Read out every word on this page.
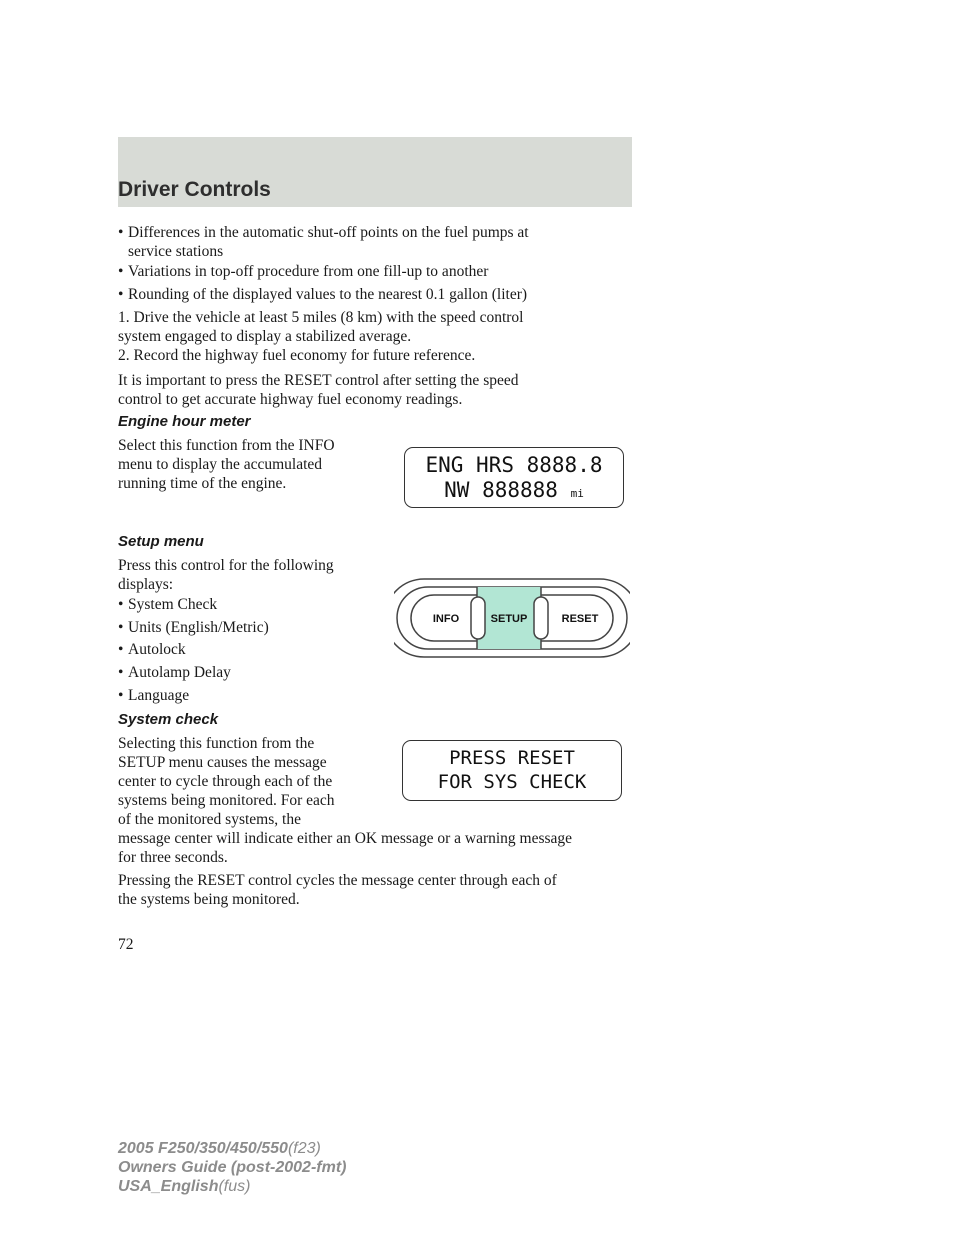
Driver Controls
• Differences in the automatic shut-off points on the fuel pumps at
service stations
• Variations in top-off procedure from one fill-up to another
• Rounding of the displayed values to the nearest 0.1 gallon (liter)
1. Drive the vehicle at least 5 miles (8 km) with the speed control
system engaged to display a stabilized average.
2. Record the highway fuel economy for future reference.
It is important to press the RESET control after setting the speed
control to get accurate highway fuel economy readings.
Engine hour meter
Select this function from the INFO
menu to display the accumulated
running time of the engine.
ENG HRS 8888.8
NW 888888 mi
Setup menu
Press this control for the following
displays:
• System Check
• Units (English/Metric)
• Autolock
• Autolamp Delay
• Language
INFO	SETUP	RESET
System check
Selecting this function from the
SETUP menu causes the message
center to cycle through each of the
systems being monitored. For each
of the monitored systems, the
message center will indicate either an OK message or a warning message
for three seconds.
PRESS RESET
FOR SYS CHECK
Pressing the RESET control cycles the message center through each of
the systems being monitored.
72
2005 F250/350/450/550(f23)
Owners Guide (post-2002-fmt)
USA_English(fus)
